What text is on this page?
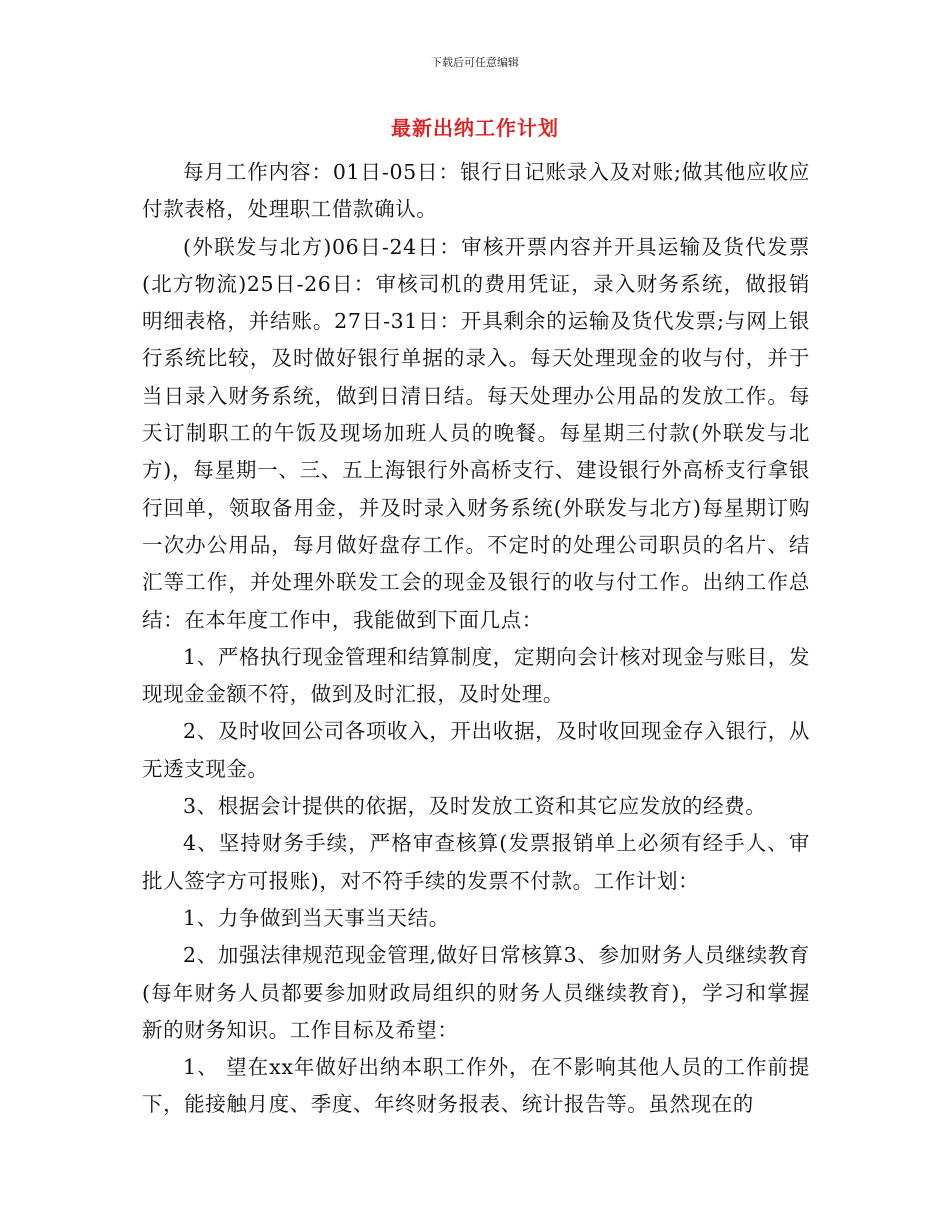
下载后可任意编辑
最新出纳工作计划

每月工作内容：01日-05日：银行日记账录入及对账;做其他应收应付款表格，处理职工借款确认。

(外联发与北方)06日-24日：审核开票内容并开具运输及货代发票(北方物流)25日-26日：审核司机的费用凭证，录入财务系统，做报销明细表格，并结账。27日-31日：开具剩余的运输及货代发票;与网上银行系统比较，及时做好银行单据的录入。每天处理现金的收与付，并于当日录入财务系统，做到日清日结。每天处理办公用品的发放工作。每天订制职工的午饭及现场加班人员的晚餐。每星期三付款(外联发与北方)，每星期一、三、五上海银行外高桥支行、建设银行外高桥支行拿银行回单，领取备用金，并及时录入财务系统(外联发与北方)每星期订购一次办公用品，每月做好盘存工作。不定时的处理公司职员的名片、结汇等工作，并处理外联发工会的现金及银行的收与付工作。出纳工作总结：在本年度工作中，我能做到下面几点：

1、严格执行现金管理和结算制度，定期向会计核对现金与账目，发现现金金额不符，做到及时汇报，及时处理。

2、及时收回公司各项收入，开出收据，及时收回现金存入银行，从无透支现金。

3、根据会计提供的依据，及时发放工资和其它应发放的经费。

4、坚持财务手续，严格审查核算(发票报销单上必须有经手人、审批人签字方可报账)，对不符手续的发票不付款。工作计划：

1、力争做到当天事当天结。

2、加强法律规范现金管理,做好日常核算3、参加财务人员继续教育(每年财务人员都要参加财政局组织的财务人员继续教育)，学习和掌握新的财务知识。工作目标及希望：

1、 望在xx年做好出纳本职工作外，在不影响其他人员的工作前提下，能接触月度、季度、年终财务报表、统计报告等。虽然现在的
